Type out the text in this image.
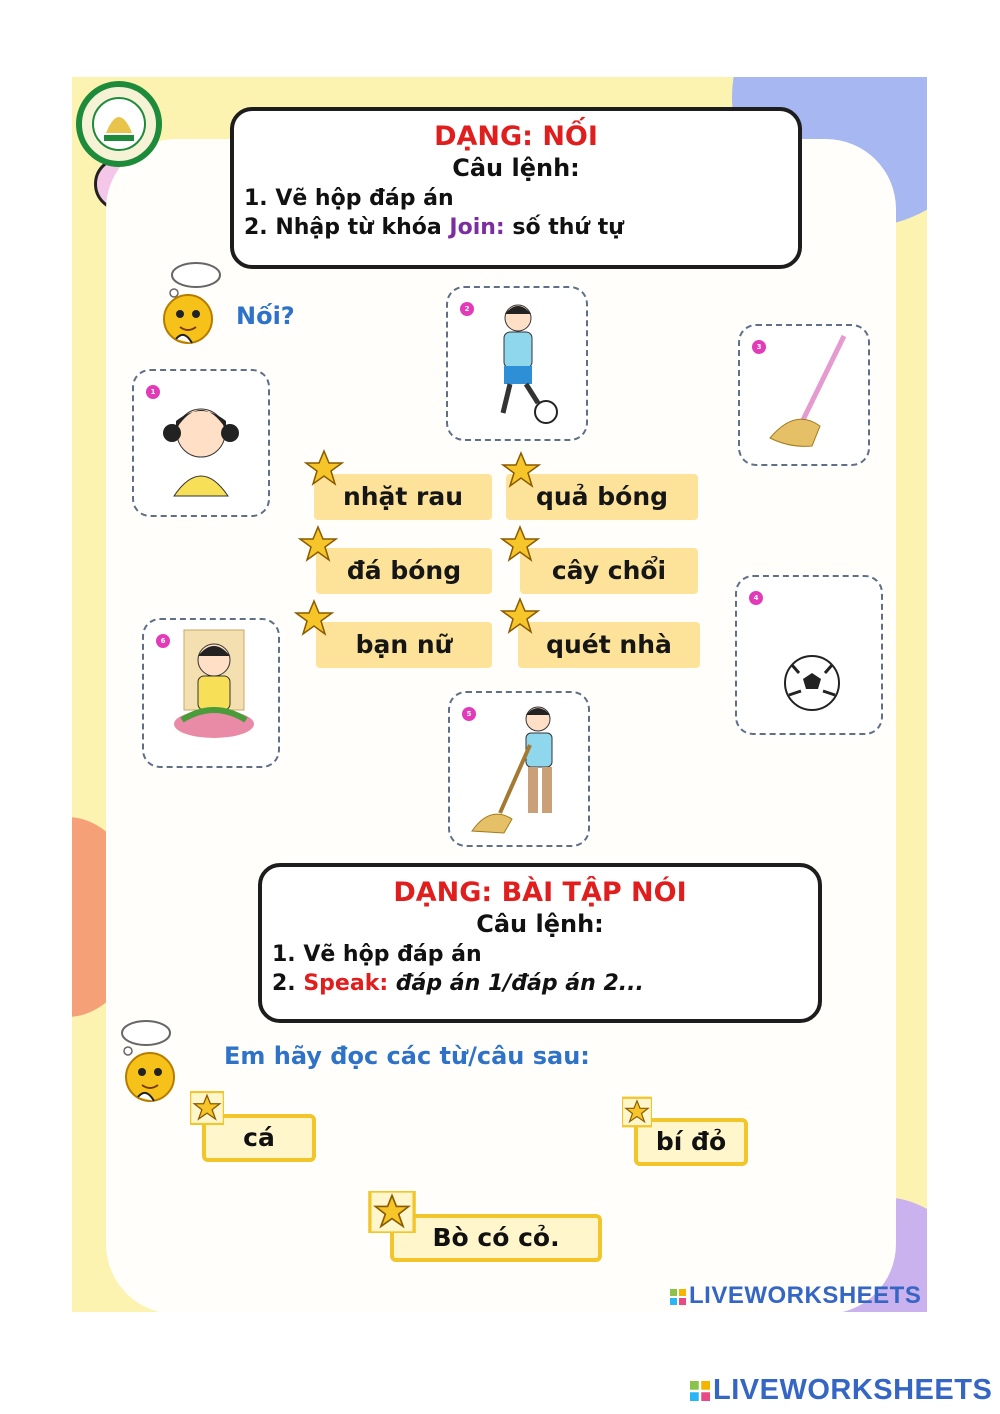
DẠNG: NỐI
Câu lệnh:
1. Vẽ hộp đáp án
2. Nhập từ khóa Join: số thứ tự
Nối?
1
2
3
4
5
6
nhặt rau	quả bóng
đá bóng	cây chổi
bạn nữ	quét nhà
DẠNG: BÀI TẬP NÓI
Câu lệnh:
1. Vẽ hộp đáp án
2. Speak: đáp án 1/đáp án 2...
Em hãy đọc các từ/câu sau:
cá	bí đỏ
Bò có cỏ.
LIVEWORKSHEETS
LIVEWORKSHEETS
